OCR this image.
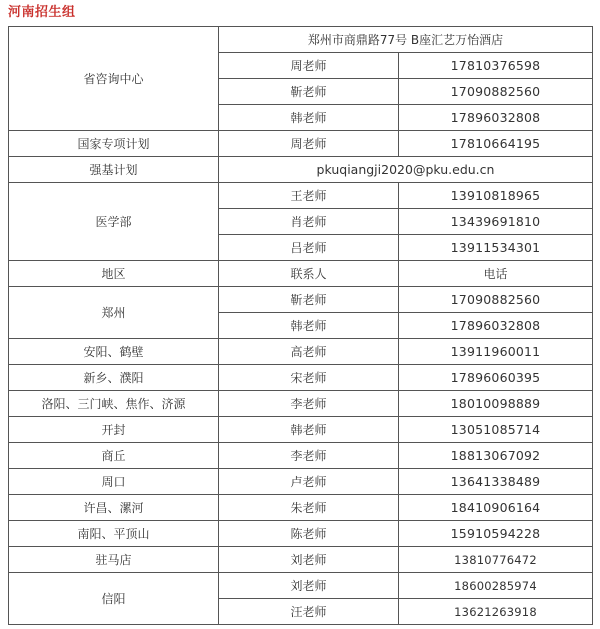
河南招生组
省咨询中心	郑州市商鼎路77号 B座汇艺万怡酒店	
	周老师	17810376598
	靳老师	17090882560
	韩老师	17896032808
国家专项计划	周老师	17810664195
强基计划	pkuqiangji2020@pku.edu.cn	
医学部	王老师	13910818965
	肖老师	13439691810
	吕老师	13911534301
地区	联系人	电话
郑州	靳老师	17090882560
	韩老师	17896032808
安阳、鹤壁	高老师	13911960011
新乡、濮阳	宋老师	17896060395
洛阳、三门峡、焦作、济源	李老师	18010098889
开封	韩老师	13051085714
商丘	李老师	18813067092
周口	卢老师	13641338489
许昌、漯河	朱老师	18410906164
南阳、平顶山	陈老师	15910594228
驻马店	刘老师	13810776472
信阳	刘老师	18600285974
	汪老师	13621263918
